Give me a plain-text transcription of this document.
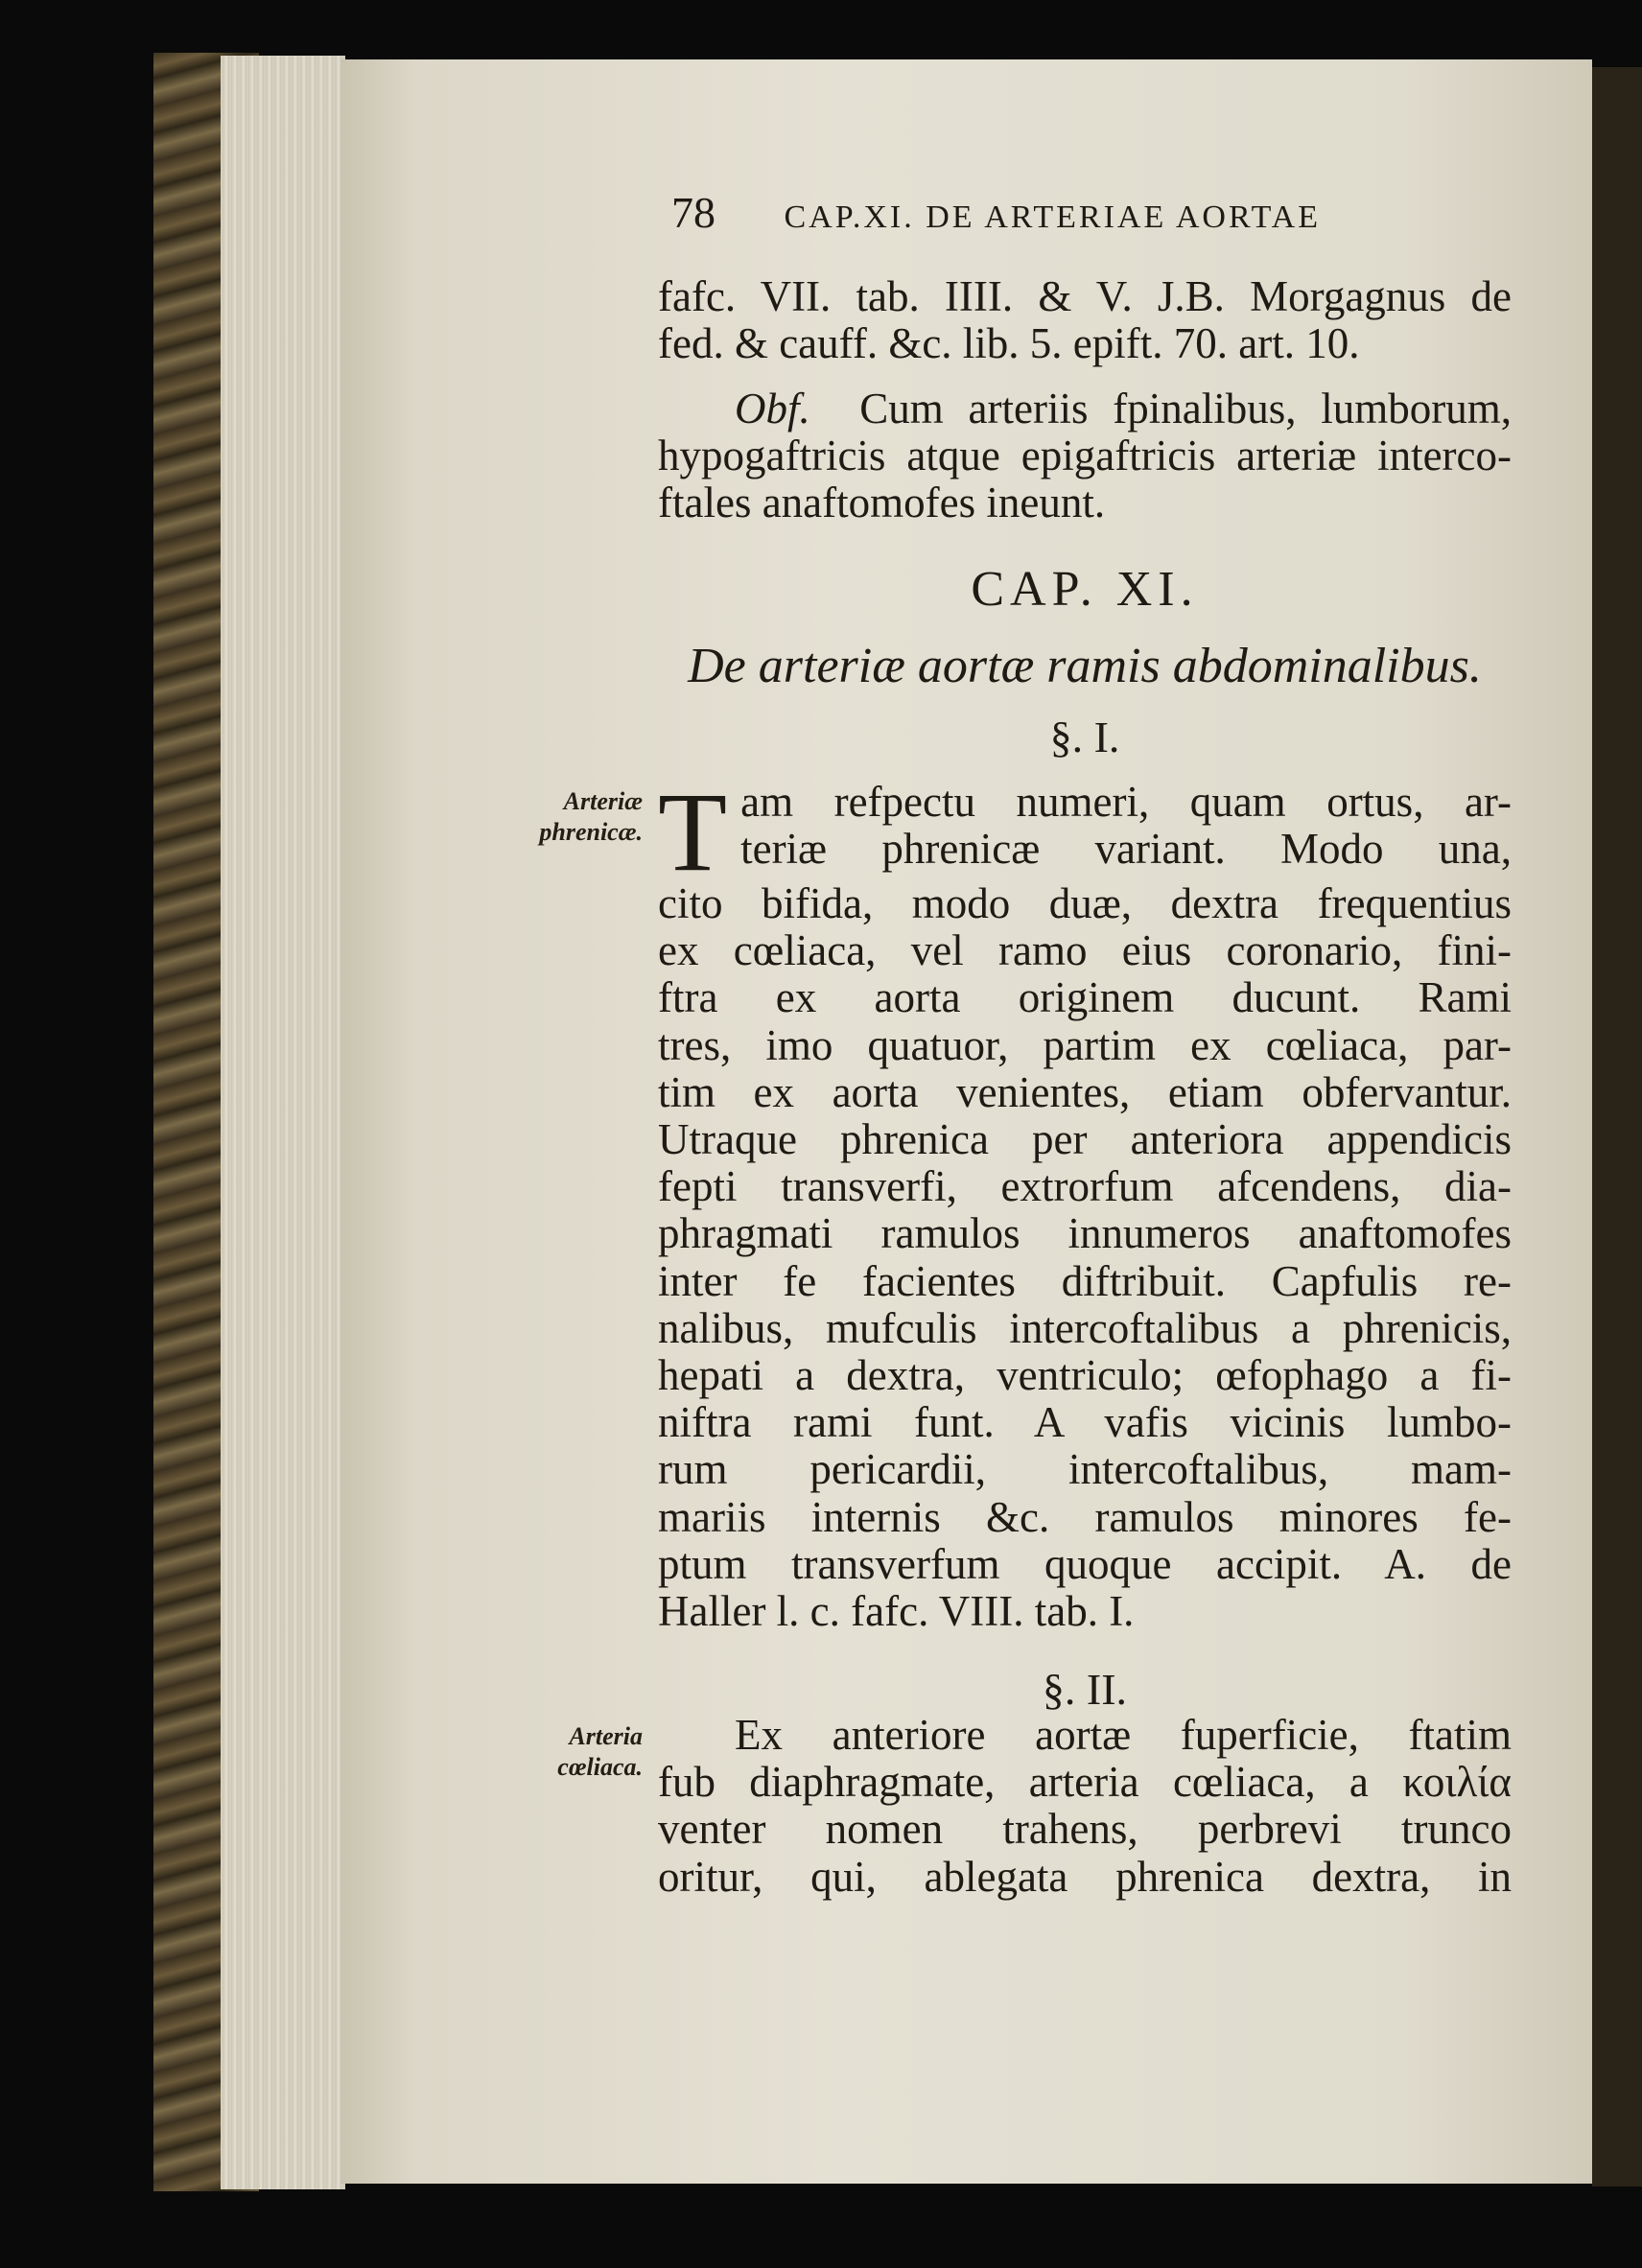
78 CAP.XI. DE ARTERIAE AORTAE
fafc. VII. tab. IIII. & V. J.B. Morgagnus de
fed. & cauff. &c. lib. 5. epift. 70. art. 10.
Obf. Cum arteriis fpinalibus, lumborum,
hypogaftricis atque epigaftricis arteriæ interco-
ftales anaftomofes ineunt.
CAP. XI.
De arteriæ aortæ ramis abdominalibus.
§. I.
Arteriæ
phrenicæ. T am refpectu numeri, quam ortus, ar-
teriæ phrenicæ variant. Modo una,
cito bifida, modo duæ, dextra frequentius
ex cœliaca, vel ramo eius coronario, fini-
ftra ex aorta originem ducunt. Rami
tres, imo quatuor, partim ex cœliaca, par-
tim ex aorta venientes, etiam obfervantur.
Utraque phrenica per anteriora appendicis
fepti transverfi, extrorfum afcendens, dia-
phragmati ramulos innumeros anaftomofes
inter fe facientes diftribuit. Capfulis re-
nalibus, mufculis intercoftalibus a phrenicis,
hepati a dextra, ventriculo; œfophago a fi-
niftra rami funt. A vafis vicinis lumbo-
rum pericardii, intercoftalibus, mam-
mariis internis &c. ramulos minores fe-
ptum transverfum quoque accipit. A. de
Haller l. c. fafc. VIII. tab. I.
§. II.
Arteria
cœliaca.
Ex anteriore aortæ fuperficie, ftatim
fub diaphragmate, arteria cœliaca, a κοιλία
venter nomen trahens, perbrevi trunco
oritur, qui, ablegata phrenica dextra, in
